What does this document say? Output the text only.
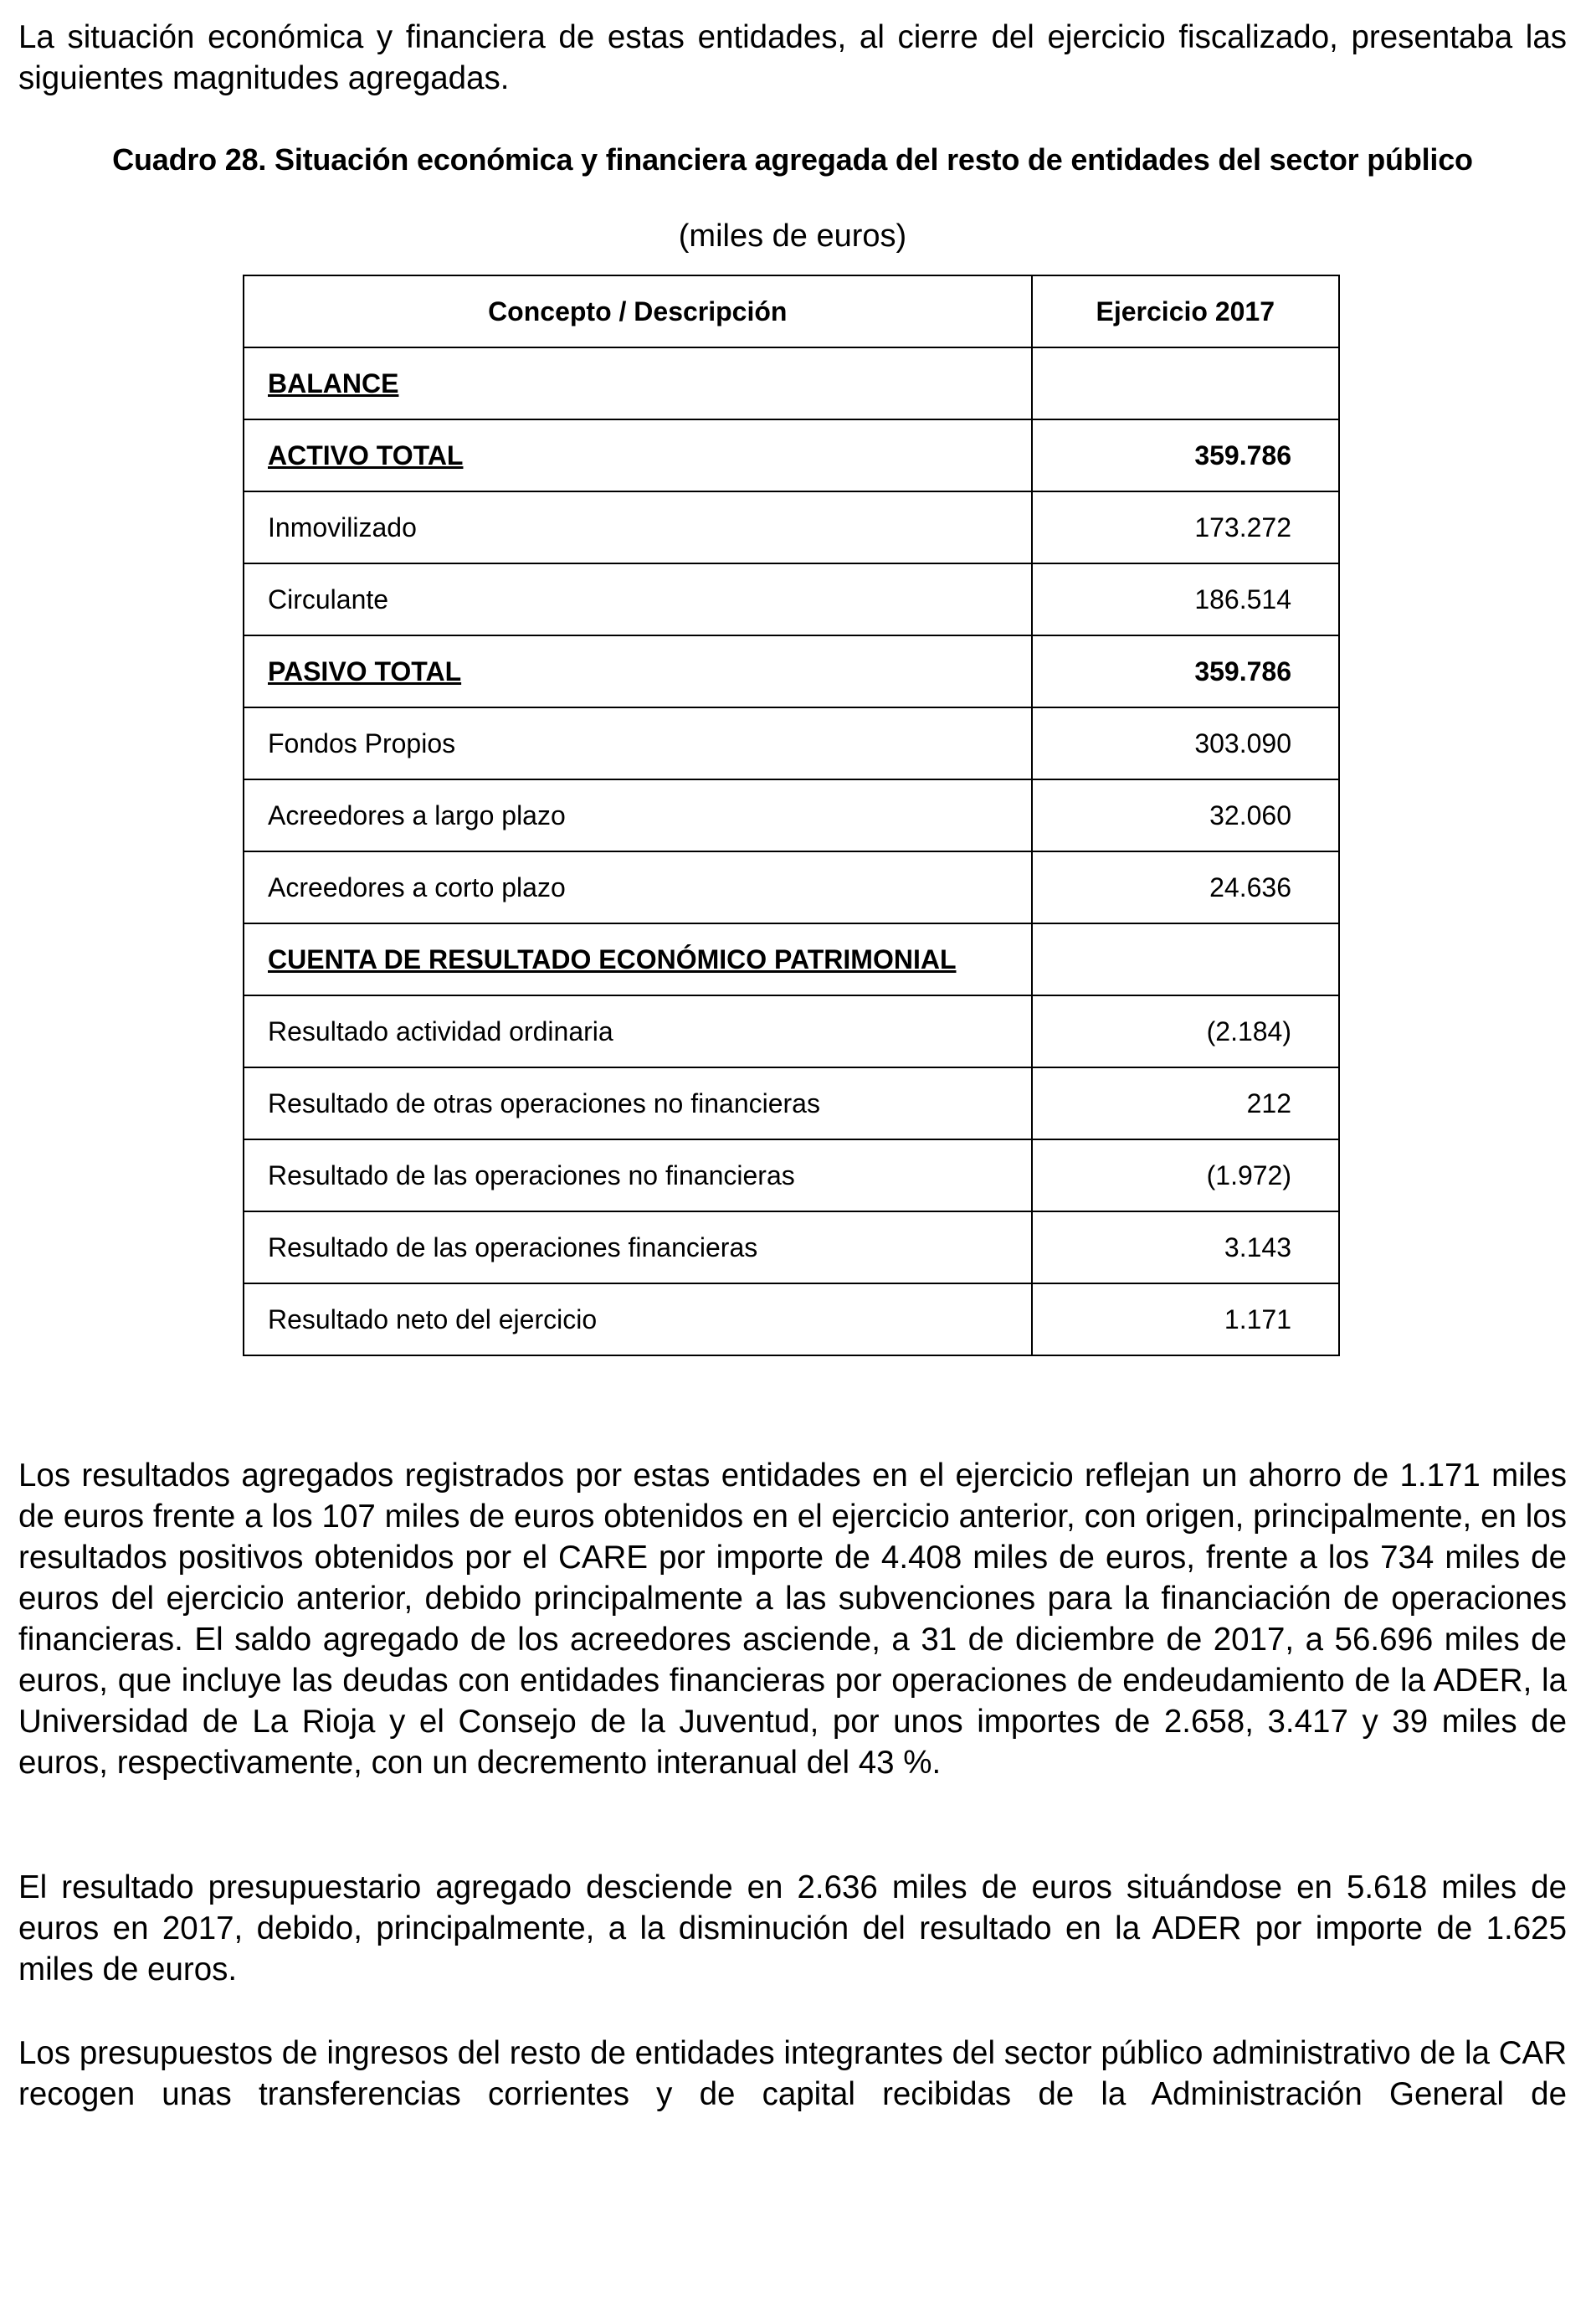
La situación económica y financiera de estas entidades, al cierre del ejercicio fiscalizado, presentaba las siguientes magnitudes agregadas.

Cuadro 28. Situación económica y financiera agregada del resto de entidades del sector público
(miles de euros)
Concepto / Descripción	Ejercicio 2017
BALANCE	
ACTIVO TOTAL	359.786
Inmovilizado	173.272
Circulante	186.514
PASIVO TOTAL	359.786
Fondos Propios	303.090
Acreedores a largo plazo	32.060
Acreedores a corto plazo	24.636
CUENTA DE RESULTADO ECONÓMICO PATRIMONIAL	
Resultado actividad ordinaria	(2.184)
Resultado de otras operaciones no financieras	212
Resultado de las operaciones no financieras	(1.972)
Resultado de las operaciones financieras	3.143
Resultado neto del ejercicio	1.171

Los resultados agregados registrados por estas entidades en el ejercicio reflejan un ahorro de 1.171 miles de euros frente a los 107 miles de euros obtenidos en el ejercicio anterior, con origen, principalmente, en los resultados positivos obtenidos por el CARE por importe de 4.408 miles de euros, frente a los 734 miles de euros del ejercicio anterior, debido principalmente a las subvenciones para la financiación de operaciones financieras. El saldo agregado de los acreedores asciende, a 31 de diciembre de 2017, a 56.696 miles de euros, que incluye las deudas con entidades financieras por operaciones de endeudamiento de la ADER, la Universidad de La Rioja y el Consejo de la Juventud, por unos importes de 2.658, 3.417 y 39 miles de euros, respectivamente, con un decremento interanual del 43 %.

El resultado presupuestario agregado desciende en 2.636 miles de euros situándose en 5.618 miles de euros en 2017, debido, principalmente, a la disminución del resultado en la ADER por importe de 1.625 miles de euros.

Los presupuestos de ingresos del resto de entidades integrantes del sector público administrativo de la CAR recogen unas transferencias corrientes y de capital recibidas de la Administración General de
